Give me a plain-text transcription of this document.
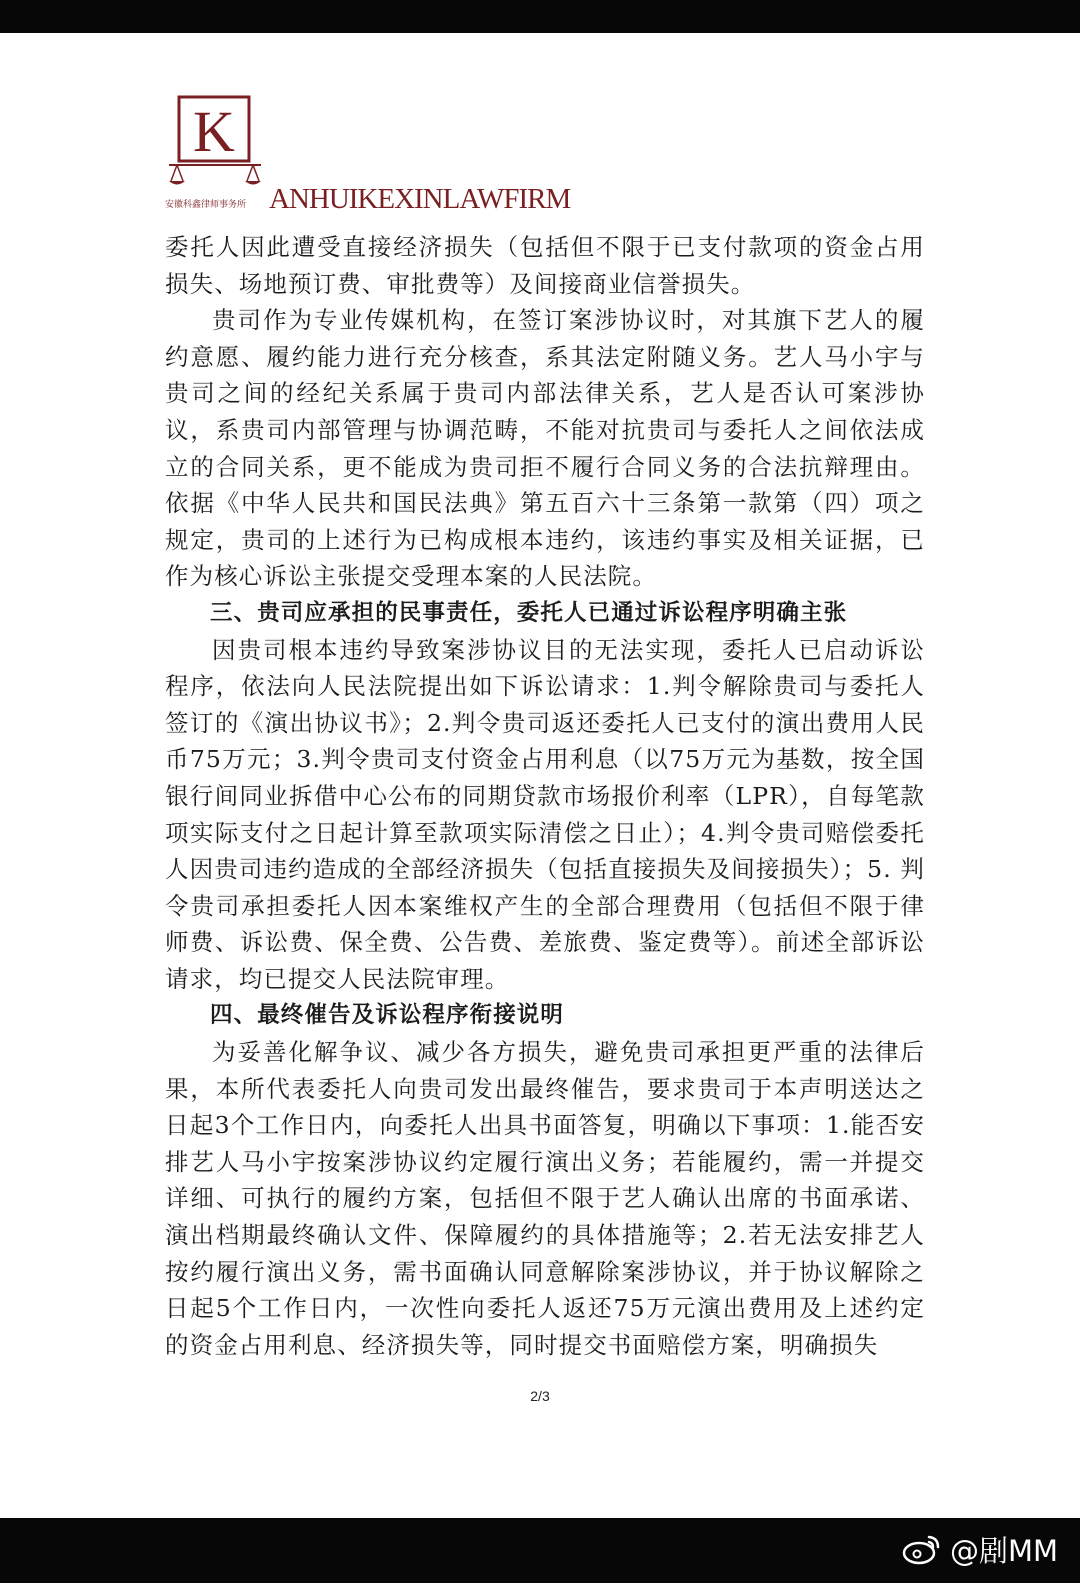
K
安徽科鑫律师事务所 ANHUIKEXINLAWFIRM

委托人因此遭受直接经济损失（包括但不限于已支付款项的资金占用损失、场地预订费、审批费等）及间接商业信誉损失。

贵司作为专业传媒机构，在签订案涉协议时，对其旗下艺人的履约意愿、履约能力进行充分核查，系其法定附随义务。艺人马小宇与贵司之间的经纪关系属于贵司内部法律关系，艺人是否认可案涉协议，系贵司内部管理与协调范畴，不能对抗贵司与委托人之间依法成立的合同关系，更不能成为贵司拒不履行合同义务的合法抗辩理由。依据《中华人民共和国民法典》第五百六十三条第一款第（四）项之规定，贵司的上述行为已构成根本违约，该违约事实及相关证据，已作为核心诉讼主张提交受理本案的人民法院。

三、贵司应承担的民事责任，委托人已通过诉讼程序明确主张

因贵司根本违约导致案涉协议目的无法实现，委托人已启动诉讼程序，依法向人民法院提出如下诉讼请求：1.判令解除贵司与委托人签订的《演出协议书》；2.判令贵司返还委托人已支付的演出费用人民币75万元；3.判令贵司支付资金占用利息（以75万元为基数，按全国银行间同业拆借中心公布的同期贷款市场报价利率（LPR），自每笔款项实际支付之日起计算至款项实际清偿之日止）；4.判令贵司赔偿委托人因贵司违约造成的全部经济损失（包括直接损失及间接损失）；5. 判令贵司承担委托人因本案维权产生的全部合理费用（包括但不限于律师费、诉讼费、保全费、公告费、差旅费、鉴定费等）。前述全部诉讼请求，均已提交人民法院审理。

四、最终催告及诉讼程序衔接说明

为妥善化解争议、减少各方损失，避免贵司承担更严重的法律后果，本所代表委托人向贵司发出最终催告，要求贵司于本声明送达之日起3个工作日内，向委托人出具书面答复，明确以下事项：1.能否安排艺人马小宇按案涉协议约定履行演出义务；若能履约，需一并提交详细、可执行的履约方案，包括但不限于艺人确认出席的书面承诺、演出档期最终确认文件、保障履约的具体措施等；2.若无法安排艺人按约履行演出义务，需书面确认同意解除案涉协议，并于协议解除之日起5个工作日内，一次性向委托人返还75万元演出费用及上述约定的资金占用利息、经济损失等，同时提交书面赔偿方案，明确损失

2/3
@剧MM
